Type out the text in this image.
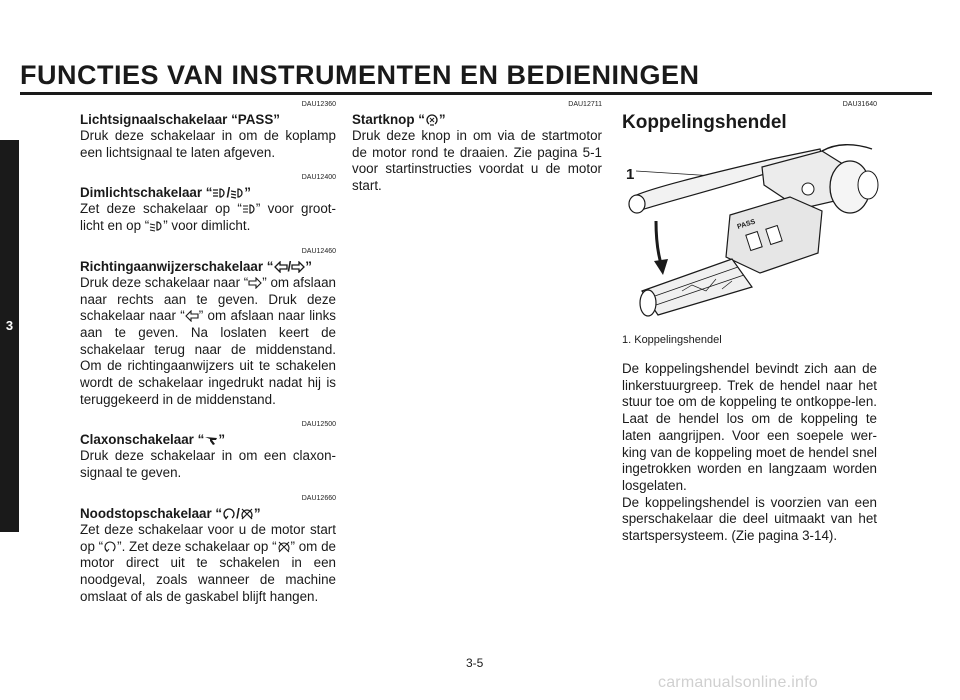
FUNCTIES VAN INSTRUMENTEN EN BEDIENINGEN
3
DAU12360
Lichtsignaalschakelaar “PASS”

Druk deze schakelaar in om de koplamp een lichtsignaal te laten afgeven.

DAU12400
Dimlichtschakelaar “ / ”

Zet deze schakelaar op “ ” voor groot-licht en op “ ” voor dimlicht.

DAU12460
Richtingaanwijzerschakelaar “ / ”

Druk deze schakelaar naar “ ” om afslaan naar rechts aan te geven. Druk deze schakelaar naar “ ” om afslaan naar links aan te geven. Na loslaten keert de schakelaar terug naar de middenstand. Om de richtingaanwijzers uit te schakelen wordt de schakelaar ingedrukt nadat hij is teruggekeerd in de middenstand.

DAU12500
Claxonschakelaar “ ”

Druk deze schakelaar in om een claxon-signaal te geven.

DAU12660
Noodstopschakelaar “ / ”

Zet deze schakelaar voor u de motor start op “ ”. Zet deze schakelaar op “ ” om de motor direct uit te schakelen in een noodgeval, zoals wanneer de machine omslaat of als de gaskabel blijft hangen.

DAU12711
Startknop “ ”

Druk deze knop in om via de startmotor de motor rond te draaien. Zie pagina 5-1 voor startinstructies voordat u de motor start.

DAU31640
Koppelingshendel
1
PASS
1. Koppelingshendel

De koppelingshendel bevindt zich aan de linkerstuurgreep. Trek de hendel naar het stuur toe om de koppeling te ontkoppe-len. Laat de hendel los om de koppeling te laten aangrijpen. Voor een soepele wer-king van de koppeling moet de hendel snel ingetrokken worden en langzaam worden losgelaten.

De koppelingshendel is voorzien van een sperschakelaar die deel uitmaakt van het startspersysteem. (Zie pagina 3-14).

3-5
carmanualsonline.info
